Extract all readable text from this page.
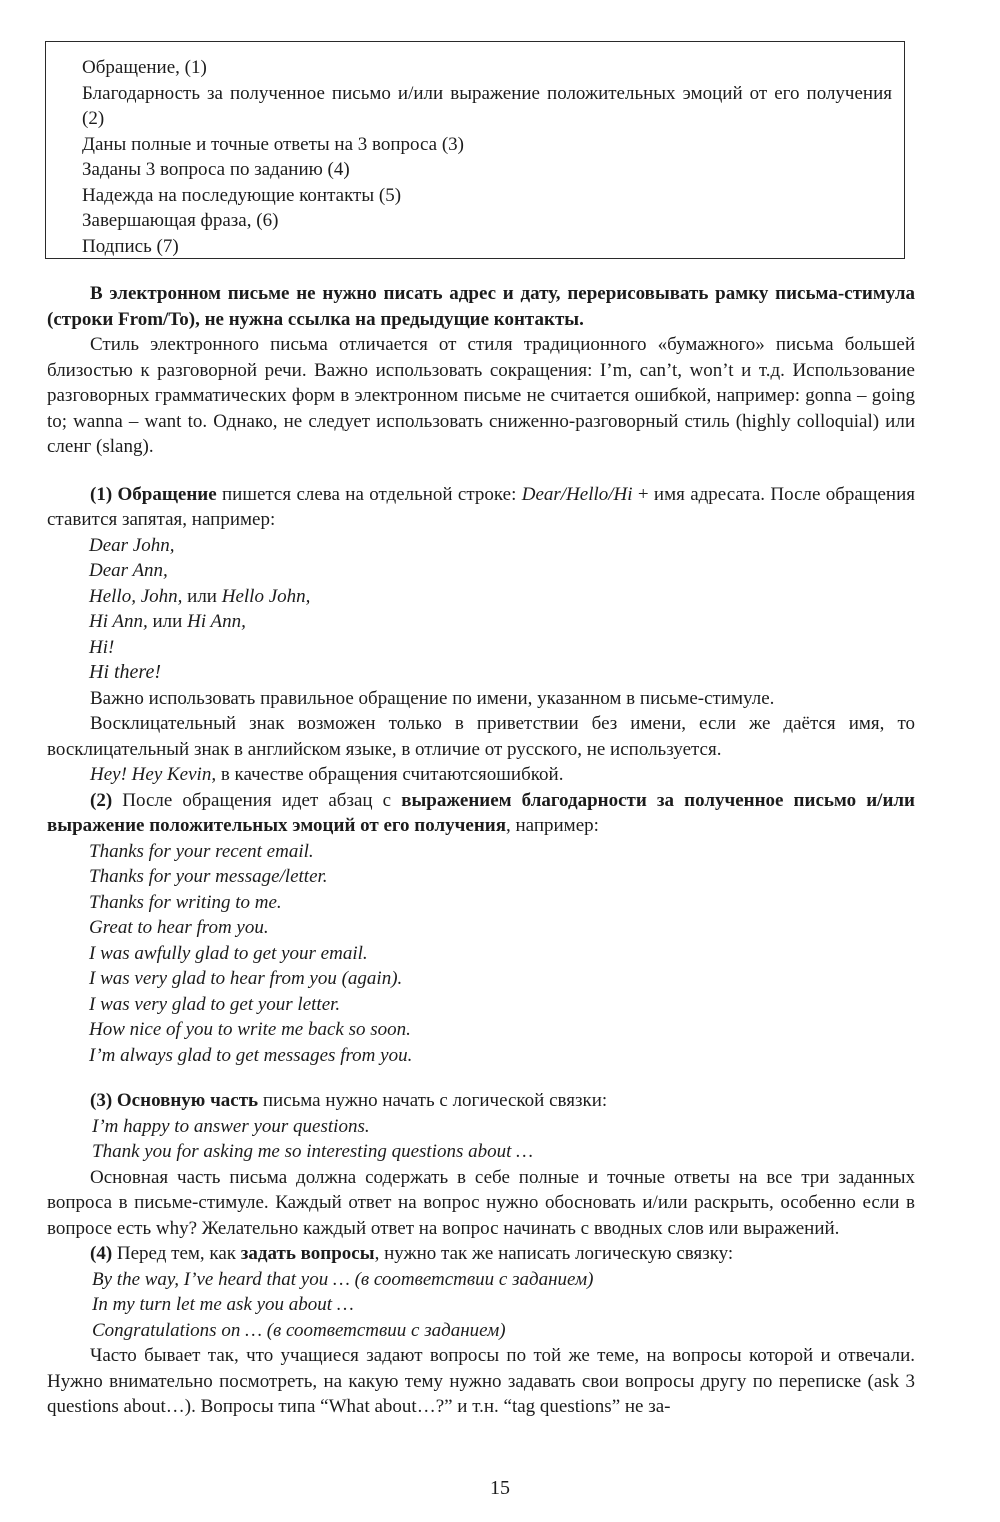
Обращение, (1)

Благодарность за полученное письмо и/или выражение положительных эмоций от его получения (2)

Даны полные и точные ответы на 3 вопроса (3)

Заданы 3 вопроса по заданию (4)

Надежда на последующие контакты (5)

Завершающая фраза, (6)

Подпись (7)

В электронном письме не нужно писать адрес и дату, перерисовывать рамку письма-стимула (строки From/To), не нужна ссылка на предыдущие контакты.

Стиль электронного письма отличается от стиля традиционного «бумажного» письма большей близостью к разговорной речи. Важно использовать сокращения: I’m, can’t, won’t и т.д. Использование разговорных грамматических форм в электронном письме не считается ошибкой, например: gonna – going to; wanna – want to. Однако, не следует использовать сниженно-разговорный стиль (highly colloquial) или сленг (slang).

(1) Обращение пишется слева на отдельной строке: Dear/Hello/Hi + имя адресата. После обращения ставится запятая, например:

Dear John,

Dear Ann,

Hello, John, или Hello John,

Hi Ann, или Hi Ann,

Hi!

Hi there!

Важно использовать правильное обращение по имени, указанном в письме-стимуле.

Восклицательный знак возможен только в приветствии без имени, если же даётся имя, то восклицательный знак в английском языке, в отличие от русского, не используется.

Hey! Hey Kevin, в качестве обращения считаютсяошибкой.

(2) После обращения идет абзац с выражением благодарности за полученное письмо и/или выражение положительных эмоций от его получения, например:

Thanks for your recent email.

Thanks for your message/letter.

Thanks for writing to me.

Great to hear from you.

I was awfully glad to get your email.

I was very glad to hear from you (again).

I was very glad to get your letter.

How nice of you to write me back so soon.

I’m always glad to get messages from you.

(3) Основную часть письма нужно начать с логической связки:

I’m happy to answer your questions.

Thank you for asking me so interesting questions about …

Основная часть письма должна содержать в себе полные и точные ответы на все три заданных вопроса в письме-стимуле. Каждый ответ на вопрос нужно обосновать и/или раскрыть, особенно если в вопросе есть why? Желательно каждый ответ на вопрос начинать с вводных слов или выражений.

(4) Перед тем, как задать вопросы, нужно так же написать логическую связку:

By the way, I’ve heard that you … (в соответствии с заданием)

In my turn let me ask you about …

Congratulations on … (в соответствии с заданием)

Часто бывает так, что учащиеся задают вопросы по той же теме, на вопросы которой и отвечали. Нужно внимательно посмотреть, на какую тему нужно задавать свои вопросы другу по переписке (ask 3 questions about…). Вопросы типа “What about…?” и т.н. “tag questions” не за-

15
